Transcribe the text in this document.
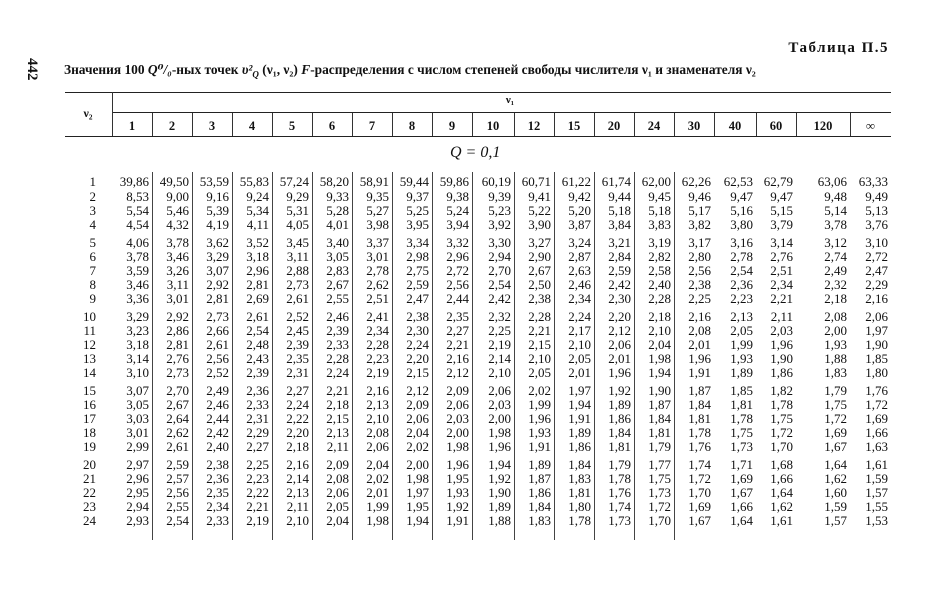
442
Таблица П.5
Значения 100 Q⁰/₀-ных точек $\upsilon^2_Q$ (ν₁, ν₂) F-распределения с числом степеней свободы числителя ν₁ и знаменателя ν₂
ν₂
ν₁
1	2	3	4	5	6	7	8	9	10	12	15	20	24	30	40	60	120	∞
Q = 0,1
1	39,86 49,50 53,59 55,83 57,24 58,20 58,91 59,44 59,86 60,19 60,71 61,22 61,74 62,00 62,26 62,53 62,79	63,06 63,33
2	8,53	9,00	9,16	9,24	9,29	9,33	9,35	9,37	9,38	9,39	9,41	9,42	9,44	9,45	9,46	9,47	9,47	9,48	9,49
3	5,54	5,46	5,39	5,34	5,31	5,28	5,27	5,25	5,24	5,23	5,22	5,20	5,18	5,18	5,17	5,16	5,15	5,14	5,13
4	4,54	4,32	4,19	4,11	4,05	4,01	3,98	3,95	3,94	3,92	3,90	3,87	3,84	3,83	3,82	3,80	3,79	3,78	3,76
5	4,06	3,78	3,62	3,52	3,45	3,40	3,37	3,34	3,32	3,30	3,27	3,24	3,21	3,19	3,17	3,16	3,14	3,12	3,10
6	3,78	3,46	3,29	3,18	3,11	3,05	3,01	2,98	2,96	2,94	2,90	2,87	2,84	2,82	2,80	2,78	2,76	2,74	2,72
7	3,59	3,26	3,07	2,96	2,88	2,83	2,78	2,75	2,72	2,70	2,67	2,63	2,59	2,58	2,56	2,54	2,51	2,49	2,47
8	3,46	3,11	2,92	2,81	2,73	2,67	2,62	2,59	2,56	2,54	2,50	2,46	2,42	2,40	2,38	2,36	2,34	2,32	2,29
9	3,36	3,01	2,81	2,69	2,61	2,55	2,51	2,47	2,44	2,42	2,38	2,34	2,30	2,28	2,25	2,23	2,21	2,18	2,16
10	3,29	2,92	2,73	2,61	2,52	2,46	2,41	2,38	2,35	2,32	2,28	2,24	2,20	2,18	2,16	2,13	2,11	2,08	2,06
11	3,23	2,86	2,66	2,54	2,45	2,39	2,34	2,30	2,27	2,25	2,21	2,17	2,12	2,10	2,08	2,05	2,03	2,00	1,97
12	3,18	2,81	2,61	2,48	2,39	2,33	2,28	2,24	2,21	2,19	2,15	2,10	2,06	2,04	2,01	1,99	1,96	1,93	1,90
13	3,14	2,76	2,56	2,43	2,35	2,28	2,23	2,20	2,16	2,14	2,10	2,05	2,01	1,98	1,96	1,93	1,90	1,88	1,85
14	3,10	2,73	2,52	2,39	2,31	2,24	2,19	2,15	2,12	2,10	2,05	2,01	1,96	1,94	1,91	1,89	1,86	1,83	1,80
15	3,07	2,70	2,49	2,36	2,27	2,21	2,16	2,12	2,09	2,06	2,02	1,97	1,92	1,90	1,87	1,85	1,82	1,79	1,76
16	3,05	2,67	2,46	2,33	2,24	2,18	2,13	2,09	2,06	2,03	1,99	1,94	1,89	1,87	1,84	1,81	1,78	1,75	1,72
17	3,03	2,64	2,44	2,31	2,22	2,15	2,10	2,06	2,03	2,00	1,96	1,91	1,86	1,84	1,81	1,78	1,75	1,72	1,69
18	3,01	2,62	2,42	2,29	2,20	2,13	2,08	2,04	2,00	1,98	1,93	1,89	1,84	1,81	1,78	1,75	1,72	1,69	1,66
19	2,99	2,61	2,40	2,27	2,18	2,11	2,06	2,02	1,98	1,96	1,91	1,86	1,81	1,79	1,76	1,73	1,70	1,67	1,63
20	2,97	2,59	2,38	2,25	2,16	2,09	2,04	2,00	1,96	1,94	1,89	1,84	1,79	1,77	1,74	1,71	1,68	1,64	1,61
21	2,96	2,57	2,36	2,23	2,14	2,08	2,02	1,98	1,95	1,92	1,87	1,83	1,78	1,75	1,72	1,69	1,66	1,62	1,59
22	2,95	2,56	2,35	2,22	2,13	2,06	2,01	1,97	1,93	1,90	1,86	1,81	1,76	1,73	1,70	1,67	1,64	1,60	1,57
23	2,94	2,55	2,34	2,21	2,11	2,05	1,99	1,95	1,92	1,89	1,84	1,80	1,74	1,72	1,69	1,66	1,62	1,59	1,55
24	2,93	2,54	2,33	2,19	2,10	2,04	1,98	1,94	1,91	1,88	1,83	1,78	1,73	1,70	1,67	1,64	1,61	1,57	1,53
